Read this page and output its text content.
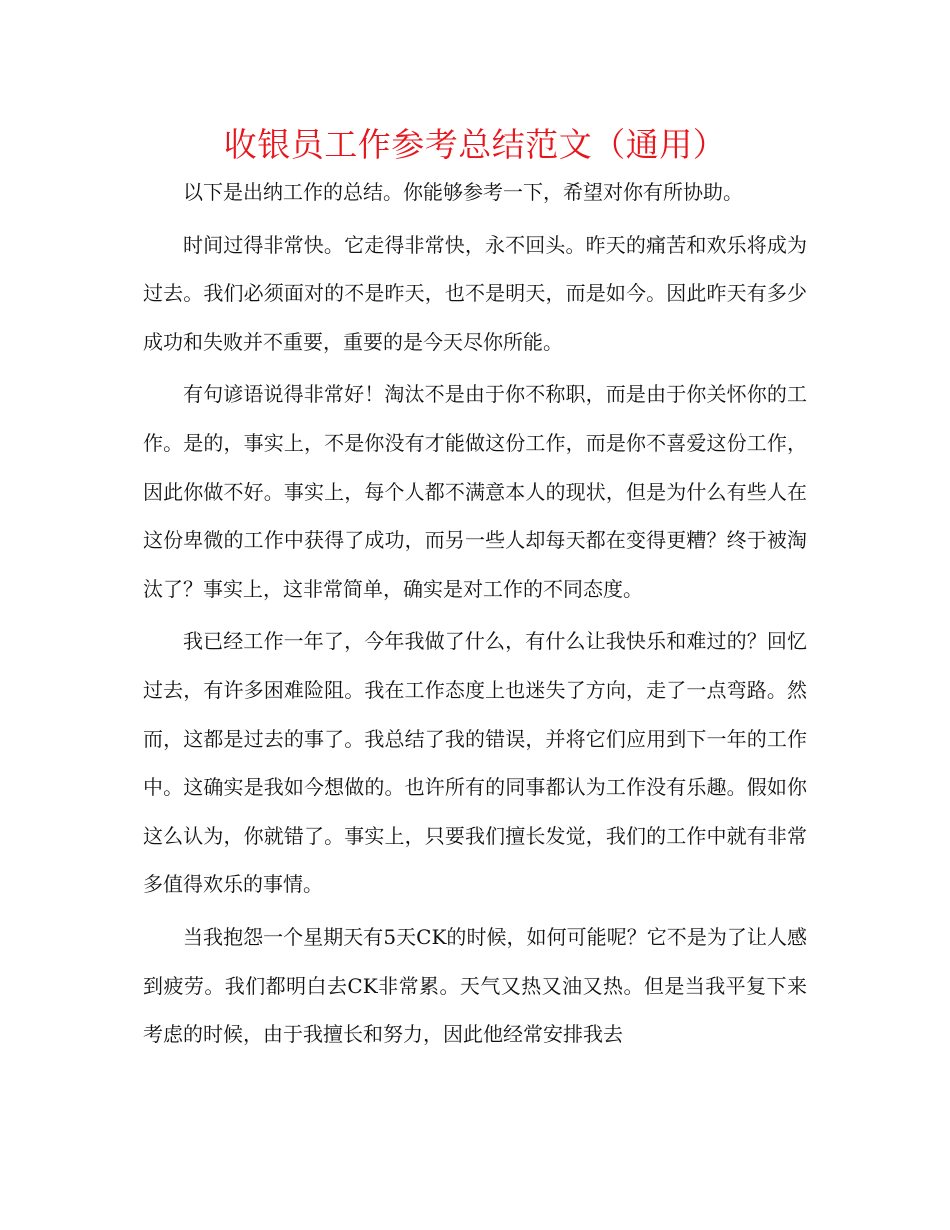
收银员工作参考总结范文（通用）

以下是出纳工作的总结。你能够参考一下，希望对你有所协助。

时间过得非常快。它走得非常快，永不回头。昨天的痛苦和欢乐将成为过去。我们必须面对的不是昨天，也不是明天，而是如今。因此昨天有多少成功和失败并不重要，重要的是今天尽你所能。

有句谚语说得非常好！淘汰不是由于你不称职，而是由于你关怀你的工作。是的，事实上，不是你没有才能做这份工作，而是你不喜爱这份工作，因此你做不好。事实上，每个人都不满意本人的现状，但是为什么有些人在这份卑微的工作中获得了成功，而另一些人却每天都在变得更糟？终于被淘汰了？事实上，这非常简单，确实是对工作的不同态度。

我已经工作一年了，今年我做了什么，有什么让我快乐和难过的？回忆过去，有许多困难险阻。我在工作态度上也迷失了方向，走了一点弯路。然而，这都是过去的事了。我总结了我的错误，并将它们应用到下一年的工作中。这确实是我如今想做的。也许所有的同事都认为工作没有乐趣。假如你这么认为，你就错了。事实上，只要我们擅长发觉，我们的工作中就有非常多值得欢乐的事情。

当我抱怨一个星期天有5天CK的时候，如何可能呢？它不是为了让人感到疲劳。我们都明白去CK非常累。天气又热又油又热。但是当我平复下来考虑的时候，由于我擅长和努力，因此他经常安排我去
